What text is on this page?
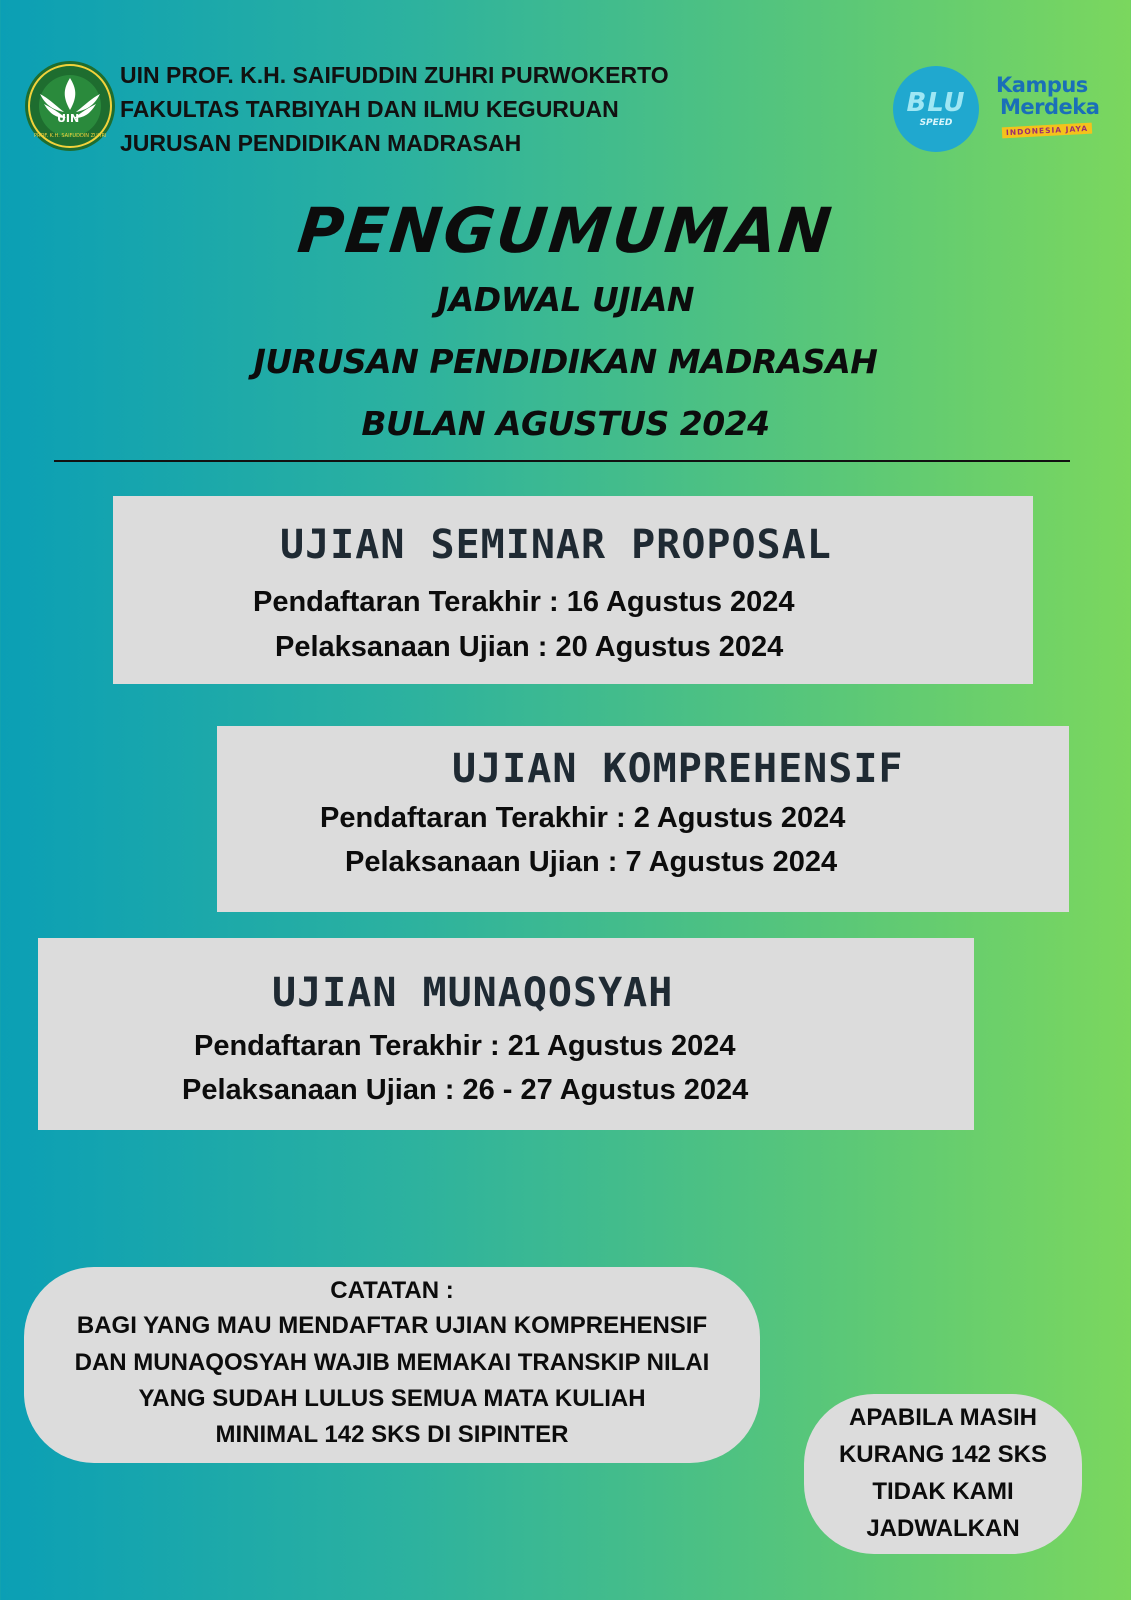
UIN
PROF. K.H. SAIFUDDIN ZUHRI
UIN PROF. K.H. SAIFUDDIN ZUHRI PURWOKERTO
FAKULTAS TARBIYAH DAN ILMU KEGURUAN
JURUSAN PENDIDIKAN MADRASAH
BLU
SPEED
Kampus
Merdeka
INDONESIA JAYA
PENGUMUMAN
JADWAL UJIAN
JURUSAN PENDIDIKAN MADRASAH
BULAN AGUSTUS 2024
UJIAN SEMINAR PROPOSAL
Pendaftaran Terakhir : 16 Agustus 2024
Pelaksanaan Ujian : 20 Agustus 2024
UJIAN KOMPREHENSIF
Pendaftaran Terakhir : 2 Agustus 2024
Pelaksanaan Ujian : 7 Agustus 2024
UJIAN MUNAQOSYAH
Pendaftaran Terakhir : 21 Agustus 2024
Pelaksanaan Ujian : 26 - 27 Agustus 2024
CATATAN :
BAGI YANG MAU MENDAFTAR UJIAN KOMPREHENSIF
DAN MUNAQOSYAH WAJIB MEMAKAI TRANSKIP NILAI
YANG SUDAH LULUS SEMUA MATA KULIAH
MINIMAL 142 SKS DI SIPINTER
APABILA MASIH
KURANG 142 SKS
TIDAK KAMI
JADWALKAN
